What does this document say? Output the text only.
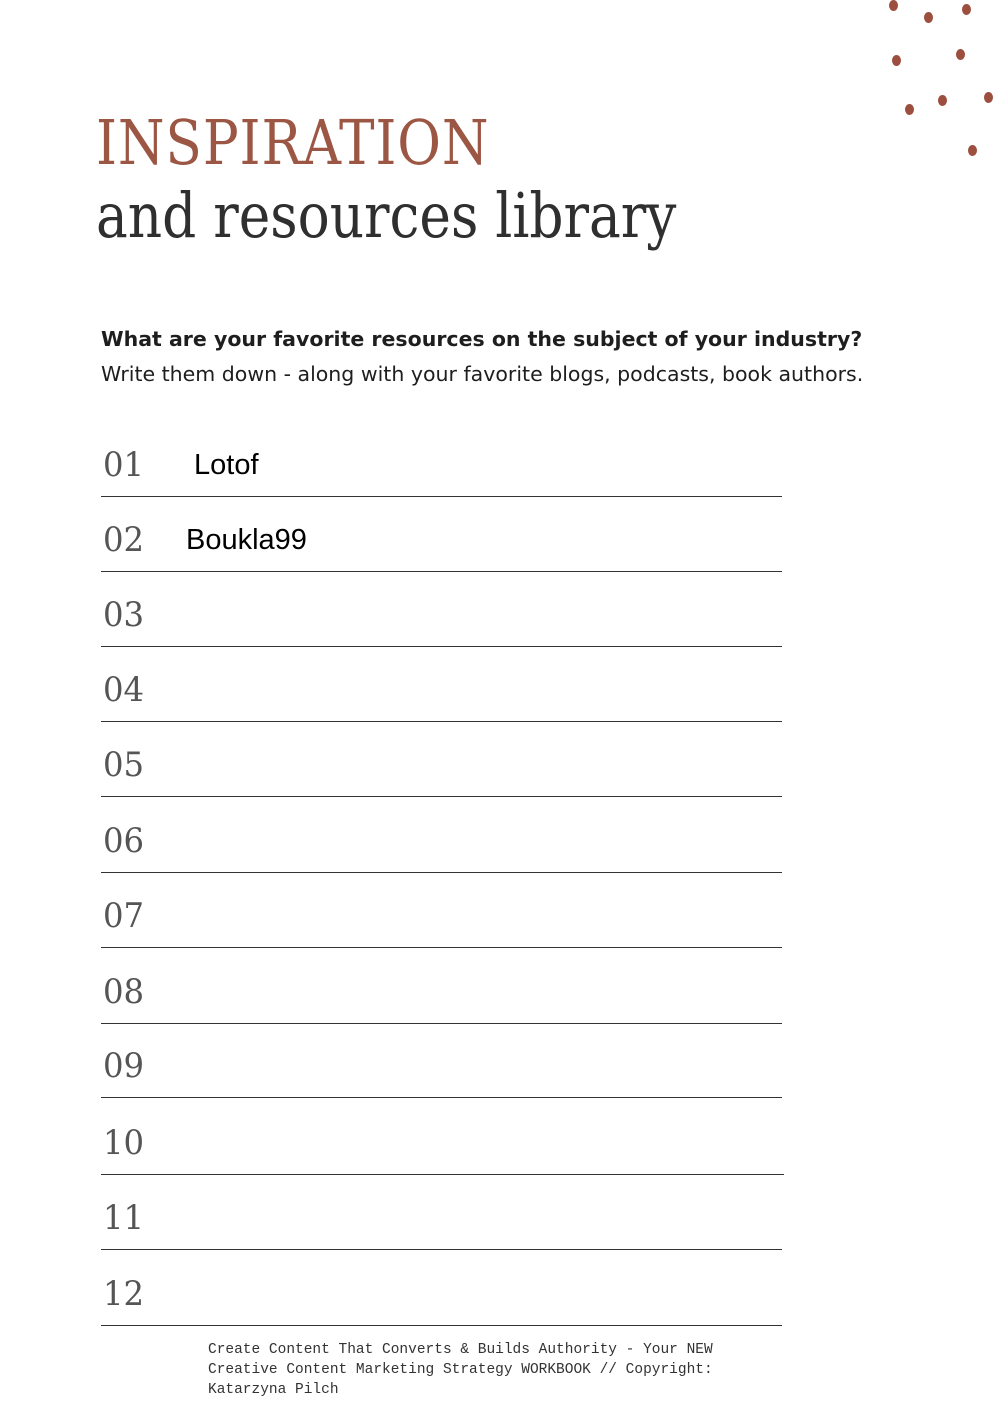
INSPIRATION
and resources library

What are your favorite resources on the subject of your industry? Write them down - along with your favorite blogs, podcasts, book authors.

01 Lotof
02 Boukla99
03
04
05
06
07
08
09
10
11
12

Create Content That Converts & Builds Authority - Your NEW Creative Content Marketing Strategy WORKBOOK // Copyright: Katarzyna Pilch
